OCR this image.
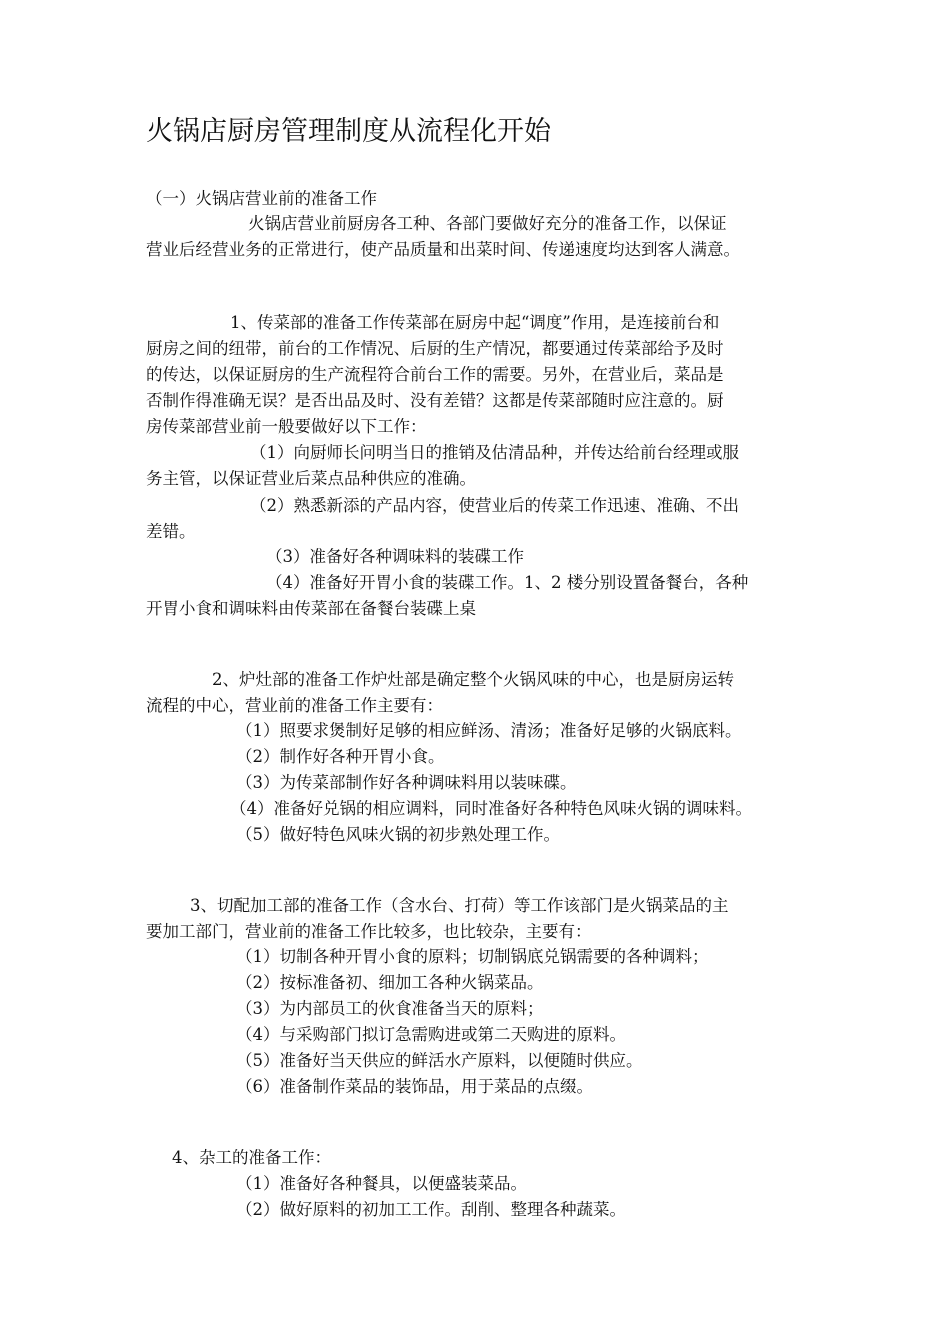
火锅店厨房管理制度从流程化开始
（一）火锅店营业前的准备工作
火锅店营业前厨房各工种、各部门要做好充分的准备工作，以保证
营业后经营业务的正常进行，使产品质量和出菜时间、传递速度均达到客人满意。
1、传菜部的准备工作传菜部在厨房中起“调度”作用，是连接前台和
厨房之间的纽带，前台的工作情况、后厨的生产情况，都要通过传菜部给予及时
的传达，以保证厨房的生产流程符合前台工作的需要。另外，在营业后，菜品是
否制作得准确无误？是否出品及时、没有差错？这都是传菜部随时应注意的。厨
房传菜部营业前一般要做好以下工作：
（1）向厨师长问明当日的推销及估清品种，并传达给前台经理或服
务主管，以保证营业后菜点品种供应的准确。
（2）熟悉新添的产品内容，使营业后的传菜工作迅速、准确、不出
差错。
（3）准备好各种调味料的装碟工作
（4）准备好开胃小食的装碟工作。1、2 楼分别设置备餐台，各种
开胃小食和调味料由传菜部在备餐台装碟上桌
2、炉灶部的准备工作炉灶部是确定整个火锅风味的中心，也是厨房运转
流程的中心，营业前的准备工作主要有：
（1）照要求煲制好足够的相应鲜汤、清汤；准备好足够的火锅底料。
（2）制作好各种开胃小食。
（3）为传菜部制作好各种调味料用以装味碟。
（4）准备好兑锅的相应调料，同时准备好各种特色风味火锅的调味料。
（5）做好特色风味火锅的初步熟处理工作。
3、切配加工部的准备工作（含水台、打荷）等工作该部门是火锅菜品的主
要加工部门，营业前的准备工作比较多，也比较杂，主要有：
（1）切制各种开胃小食的原料；切制锅底兑锅需要的各种调料；
（2）按标准备初、细加工各种火锅菜品。
（3）为内部员工的伙食准备当天的原料；
（4）与采购部门拟订急需购进或第二天购进的原料。
（5）准备好当天供应的鲜活水产原料，以便随时供应。
（6）准备制作菜品的装饰品，用于菜品的点缀。
4、杂工的准备工作：
（1）准备好各种餐具，以便盛装菜品。
（2）做好原料的初加工工作。刮削、整理各种蔬菜。
